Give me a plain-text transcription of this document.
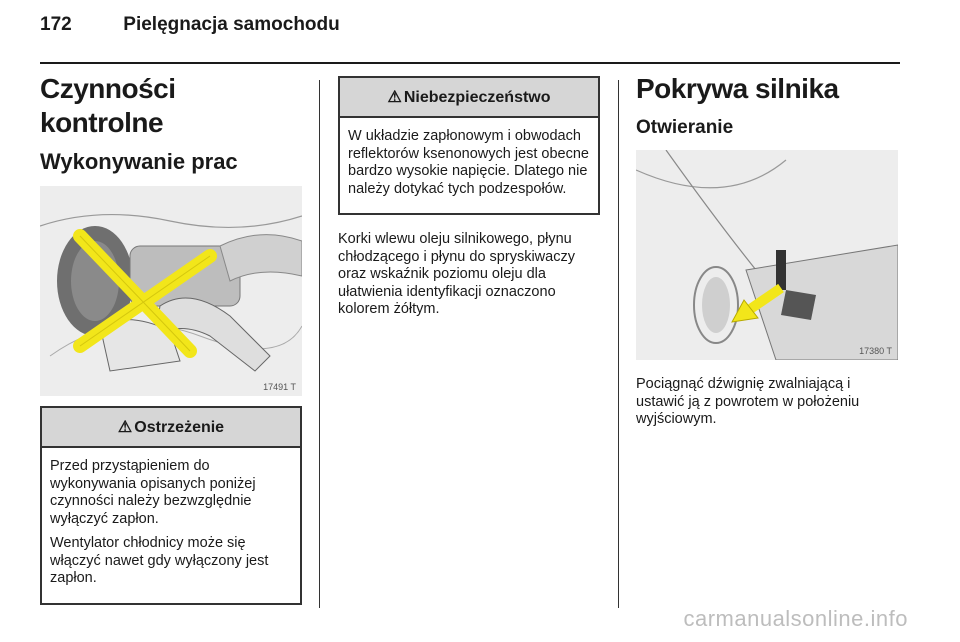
172	Pielęgnacja samochodu
Czynności kontrolne
Wykonywanie prac
17491 T
⚠ Ostrzeżenie

Przed przystąpieniem do wykonywania opisanych poniżej czynności należy bezwzględnie wyłączyć zapłon.

Wentylator chłodnicy może się włączyć nawet gdy wyłączony jest zapłon.

⚠ Niebezpieczeństwo

W układzie zapłonowym i obwodach reflektorów ksenonowych jest obecne bardzo wysokie napięcie. Dlatego nie należy dotykać tych podzespołów.

Korki wlewu oleju silnikowego, płynu chłodzącego i płynu do spryskiwaczy oraz wskaźnik poziomu oleju dla ułatwienia identyfikacji oznaczono kolorem żółtym.

Pokrywa silnika
Otwieranie
17380 T

Pociągnąć dźwignię zwalniającą i ustawić ją z powrotem w położeniu wyjściowym.

carmanualsonline.info
